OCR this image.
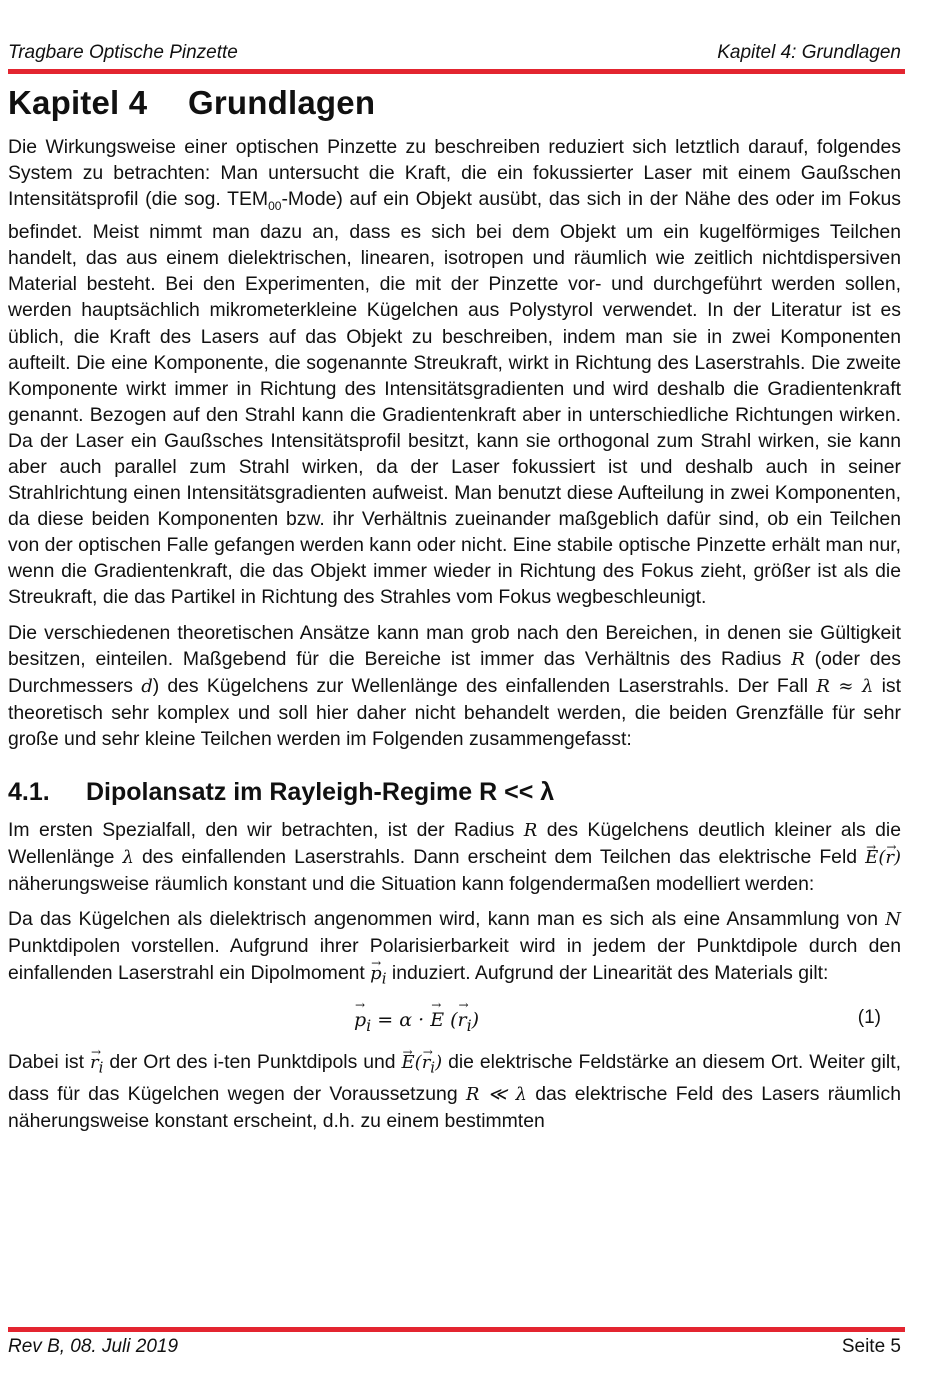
Tragbare Optische Pinzette	Kapitel 4: Grundlagen
Kapitel 4 Grundlagen

Die Wirkungsweise einer optischen Pinzette zu beschreiben reduziert sich letztlich darauf, folgendes System zu betrachten: Man untersucht die Kraft, die ein fokussierter Laser mit einem Gaußschen Intensitätsprofil (die sog. $TEM_{00}-Mode$) auf ein Objekt ausübt, das sich in der Nähe des oder im Fokus befindet. Meist nimmt man dazu an, dass es sich bei dem Objekt um ein kugelförmiges Teilchen handelt, das aus einem dielektrischen, linearen, isotropen und räumlich wie zeitlich nichtdispersiven Material besteht. Bei den Experimenten, die mit der Pinzette vor- und durchgeführt werden sollen, werden hauptsächlich mikrometerkleine Kügelchen aus Polystyrol verwendet. In der Literatur ist es üblich, die Kraft des Lasers auf das Objekt zu beschreiben, indem man sie in zwei Komponenten aufteilt. Die eine Komponente, die sogenannte Streukraft, wirkt in Richtung des Laserstrahls. Die zweite Komponente wirkt immer in Richtung des Intensitätsgradienten und wird deshalb die Gradientenkraft genannt. Bezogen auf den Strahl kann die Gradientenkraft aber in unterschiedliche Richtungen wirken. Da der Laser ein Gaußsches Intensitätsprofil besitzt, kann sie orthogonal zum Strahl wirken, sie kann aber auch parallel zum Strahl wirken, da der Laser fokussiert ist und deshalb auch in seiner Strahlrichtung einen Intensitätsgradienten aufweist. Man benutzt diese Aufteilung in zwei Komponenten, da diese beiden Komponenten bzw. ihr Verhältnis zueinander maßgeblich dafür sind, ob ein Teilchen von der optischen Falle gefangen werden kann oder nicht. Eine stabile optische Pinzette erhält man nur, wenn die Gradientenkraft, die das Objekt immer wieder in Richtung des Fokus zieht, größer ist als die Streukraft, die das Partikel in Richtung des Strahles vom Fokus wegbeschleunigt.

Die verschiedenen theoretischen Ansätze kann man grob nach den Bereichen, in denen sie Gültigkeit besitzen, einteilen. Maßgebend für die Bereiche ist immer das Verhältnis des Radius R (oder des Durchmessers d) des Kügelchens zur Wellenlänge des einfallenden Laserstrahls. Der Fall R ≈ λ ist theoretisch sehr komplex und soll hier daher nicht behandelt werden, die beiden Grenzfälle für sehr große und sehr kleine Teilchen werden im Folgenden zusammengefasst:

4.1. Dipolansatz im Rayleigh-Regime R << λ

Im ersten Spezialfall, den wir betrachten, ist der Radius R des Kügelchens deutlich kleiner als die Wellenlänge λ des einfallenden Laserstrahls. Dann erscheint dem Teilchen das elektrische Feld → E(→ r) näherungsweise räumlich konstant und die Situation kann folgendermaßen modelliert werden:

Da das Kügelchen als dielektrisch angenommen wird, kann man es sich als eine Ansammlung von N Punktdipolen vorstellen. Aufgrund ihrer Polarisierbarkeit wird in jedem der Punktdipole durch den einfallenden Laserstrahl ein Dipolmoment → $p_i$ induziert. Aufgrund der Linearität des Materials gilt:

→ $p_i = \alpha$ · → E (→ $r_i$)	(1)

Dabei ist → $r_i$ der Ort des i-ten Punktdipols und → $E(\to r_i)$ die elektrische Feldstärke an diesem Ort. Weiter gilt, dass für das Kügelchen wegen der Voraussetzung R ≪ λ das elektrische Feld des Lasers räumlich näherungsweise konstant erscheint, d.h. zu einem bestimmten

Rev B, 08. Juli 2019	Seite 5
